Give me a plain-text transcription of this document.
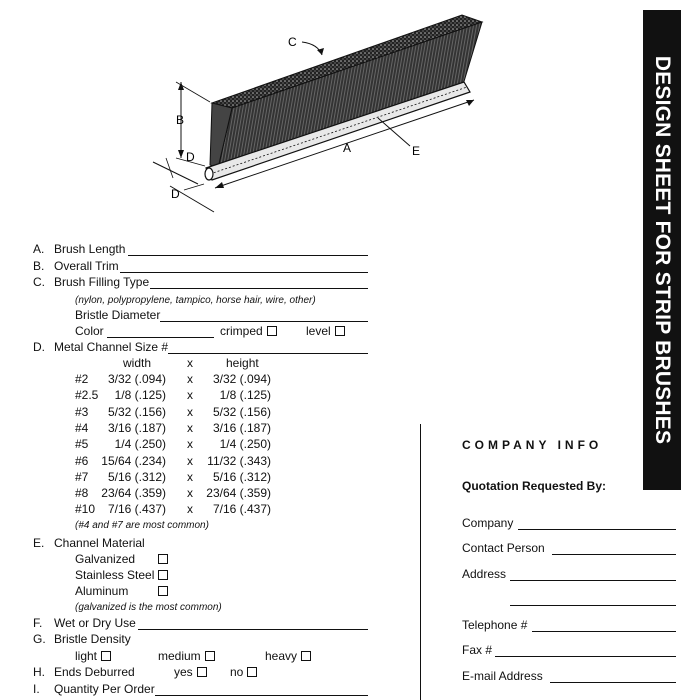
A
B
C
D
D
E	DESIGN SHEET FOR STRIP BRUSHES
A. Brush Length
B. Overall Trim
C. Brush Filling Type
(nylon, polypropylene, tampico, horse hair, wire, other)
Bristle Diameter
Color	crimped	level
D. Metal Channel Size #
width	x	height
#2 3/32 (.094) x 3/32 (.094)
#2.5 1/8 (.125) x 1/8 (.125)
#3 5/32 (.156) x 5/32 (.156)
#4 3/16 (.187) x 3/16 (.187)
#5 1/4 (.250) x 1/4 (.250)
#6 15/64 (.234) x 11/32 (.343)
#7 5/16 (.312) x 5/16 (.312)
#8 23/64 (.359) x 23/64 (.359)
#10 7/16 (.437) x 7/16 (.437)
(#4 and #7 are most common)
E. Channel Material
Galvanized
Stainless Steel
Aluminum
(galvanized is the most common)
F. Wet or Dry Use
G. Bristle Density
light	medium	heavy
H. Ends Deburred	yes	no
I. Quantity Per Order
COMPANY INFO
Quotation Requested By:
Company
Contact Person
Address
Telephone #
Fax #
E-mail Address
